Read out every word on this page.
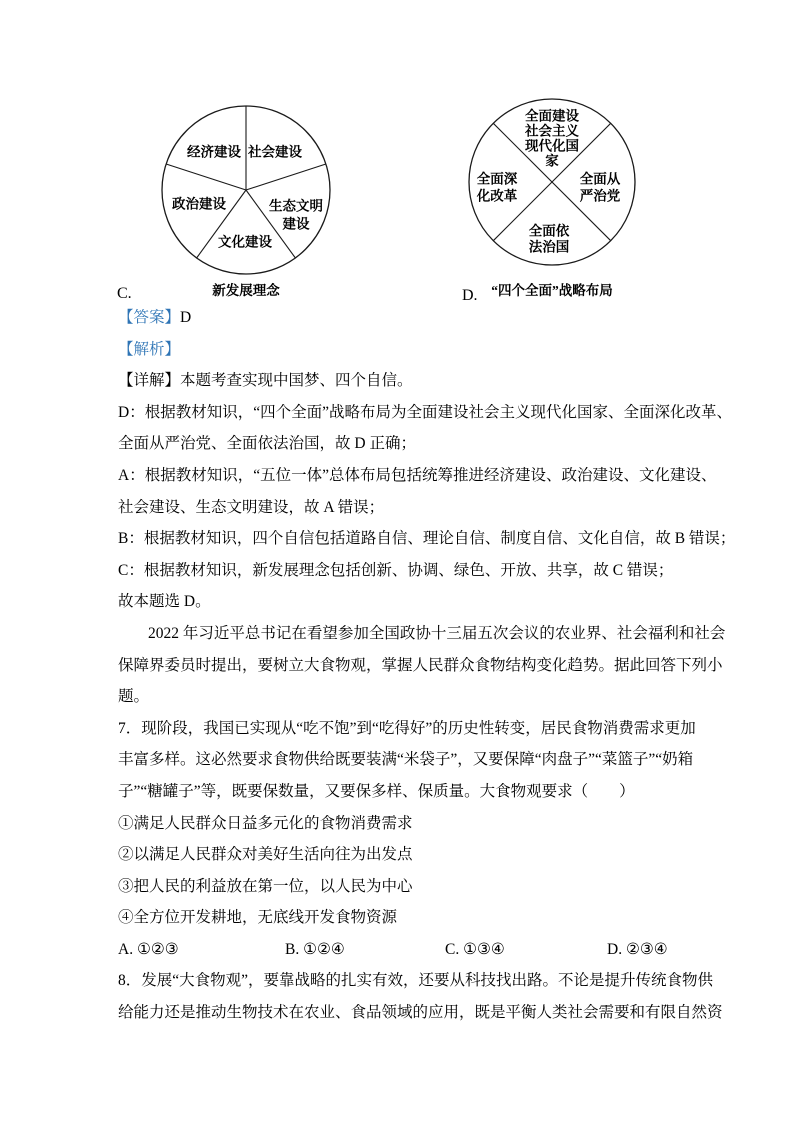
C.
经济建设 社会建设
政治建设	生态文明
建设
文化建设
新发展理念	D.
全面建设
社会主义
现代化国
家
全面深
化改革
全面从
严治党
全面依
法治国
“四个全面”战略布局
【答案】D
【解析】
【详解】本题考查实现中国梦、四个自信。
D：根据教材知识，“四个全面”战略布局为全面建设社会主义现代化国家、全面深化改革、
全面从严治党、全面依法治国，故 D 正确；
A：根据教材知识，“五位一体”总体布局包括统筹推进经济建设、政治建设、文化建设、
社会建设、生态文明建设，故 A 错误；
B：根据教材知识，四个自信包括道路自信、理论自信、制度自信、文化自信，故 B 错误；
C：根据教材知识，新发展理念包括创新、协调、绿色、开放、共享，故 C 错误；
故本题选 D。
2022 年习近平总书记在看望参加全国政协十三届五次会议的农业界、社会福利和社会
保障界委员时提出，要树立大食物观，掌握人民群众食物结构变化趋势。据此回答下列小
题。
7．现阶段，我国已实现从“吃不饱”到“吃得好”的历史性转变，居民食物消费需求更加
丰富多样。这必然要求食物供给既要装满“米袋子”，又要保障“肉盘子”“菜篮子”“奶箱
子”“糖罐子”等，既要保数量，又要保多样、保质量。大食物观要求（　　）
①满足人民群众日益多元化的食物消费需求
②以满足人民群众对美好生活向往为出发点
③把人民的利益放在第一位，以人民为中心
④全方位开发耕地，无底线开发食物资源
A. ①②③	B. ①②④	C. ①③④	D. ②③④
8．发展“大食物观”，要靠战略的扎实有效，还要从科技找出路。不论是提升传统食物供
给能力还是推动生物技术在农业、食品领域的应用，既是平衡人类社会需要和有限自然资
